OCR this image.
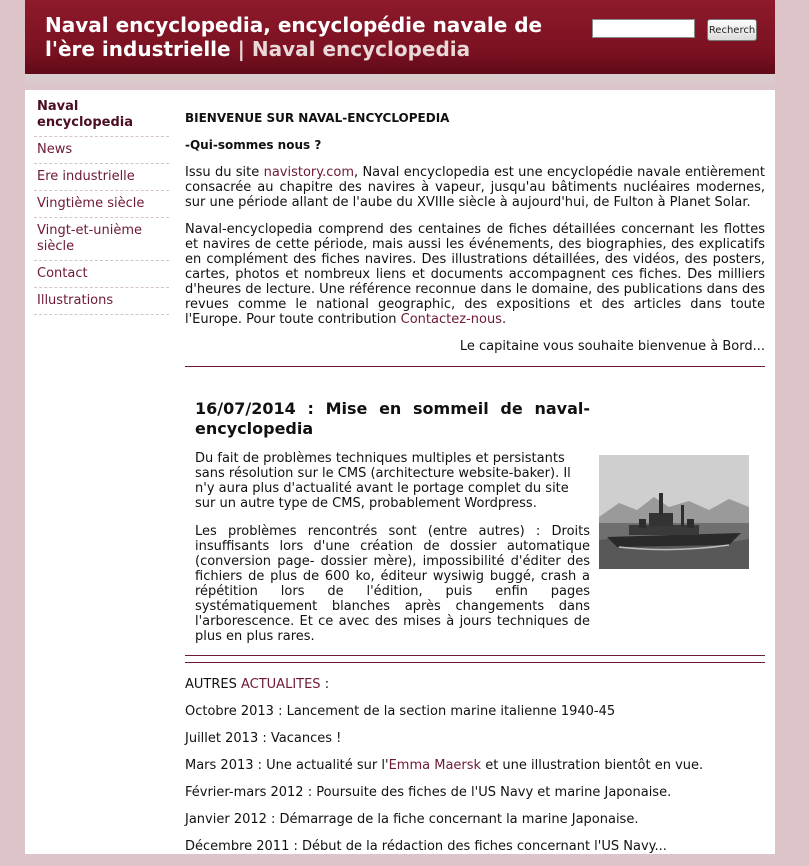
Naval encyclopedia, encyclopédie navale de l'ère industrielle | Naval encyclopedia
Recherch
Naval encyclopedia
News
Ere industrielle
Vingtième siècle
Vingt-et-unième siècle
Contact
Illustrations
BIENVENUE SUR NAVAL-ENCYCLOPEDIA
-Qui-sommes nous ?

Issu du site navistory.com, Naval encyclopedia est une encyclopédie navale entièrement consacrée au chapitre des navires à vapeur, jusqu'au bâtiments nucléaires modernes, sur une période allant de l'aube du XVIIIe siècle à aujourd'hui, de Fulton à Planet Solar.

Naval-encyclopedia comprend des centaines de fiches détaillées concernant les flottes et navires de cette période, mais aussi les événements, des biographies, des explicatifs en complément des fiches navires. Des illustrations détaillées, des vidéos, des posters, cartes, photos et nombreux liens et documents accompagnent ces fiches. Des milliers d'heures de lecture. Une référence reconnue dans le domaine, des publications dans des revues comme le national geographic, des expositions et des articles dans toute l'Europe. Pour toute contribution Contactez-nous.

Le capitaine vous souhaite bienvenue à Bord...

16/07/2014 : Mise en sommeil de naval-encyclopedia

Du fait de problèmes techniques multiples et persistants sans résolution sur le CMS (architecture website-baker). Il n'y aura plus d'actualité avant le portage complet du site sur un autre type de CMS, probablement Wordpress.

Les problèmes rencontrés sont (entre autres) : Droits insuffisants lors d'une création de dossier automatique (conversion page- dossier mère), impossibilité d'éditer des fichiers de plus de 600 ko, éditeur wysiwig buggé, crash a répétition lors de l'édition, puis enfin pages systématiquement blanches après changements dans l'arborescence. Et ce avec des mises à jours techniques de plus en plus rares.

AUTRES ACTUALITES :

Octobre 2013 : Lancement de la section marine italienne 1940-45
Juillet 2013 : Vacances !
Mars 2013 : Une actualité sur l'Emma Maersk et une illustration bientôt en vue.
Février-mars 2012 : Poursuite des fiches de l'US Navy et marine Japonaise.
Janvier 2012 : Démarrage de la fiche concernant la marine Japonaise.
Décembre 2011 : Début de la rédaction des fiches concernant l'US Navy...
